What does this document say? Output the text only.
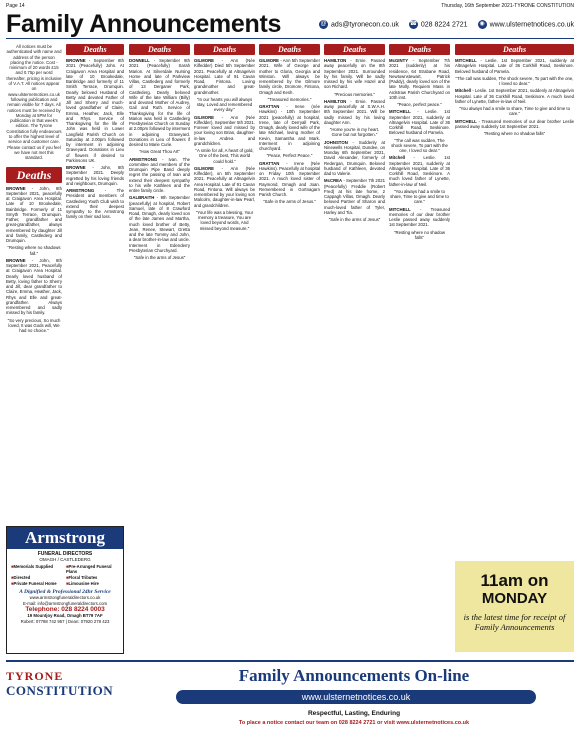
Page 14	Thursday, 16th September 2021-TYRONE CONSTITUTION
Family Announcements	@ ads@tyronecon.co.uk ☎ 028 8224 2721	◉ www.ulsternetnotices.co.uk
All notices must be authenticated with name and address of the person placing the notice. Cost - minimum of 20 words £15 and 0.75p per word thereafter, pricing is inclusive of V.A.T. All notices appear on www.ulsternetnotices.co.uk following publication and remain visible for 7 days. All notices must be received by Monday at 5PM for publication in that week's edition. The Tyrone Constitution fully endeavours to offer the highest level of service and customer care. Please contact us if you feel we have not met this standard.
Deaths

BROWNE - John, 8th September 2021, peacefully at Craigavon Area Hospital. Late of 10 Brookedale, Bainbridge. Formerly of 11 Smyth Terrace, Drumquin. Father, grandfather and great-grandfather, always remembered by daughter Jill and family, Castlederg and Drumquin.

"Resting where no shadows fall."

BROWNE - John, 8th September 2021, Peacefully at Craigavon Area Hospital. Dearly loved husband of Betty, loving father to Sherry and Jill, dear grandfather to Claire, Emma, Heather, Jack, Rhys and Elle and great-grandfather. Always remembered and sadly missed by his family.

"So very precious, So much loved, It was Gods will, We had no choice."

Deaths

BROWNE - September 8th 2021 (Peacefully) John. At Craigavon Area Hospital and late of 10 Brookedale, Banbridge and formerly of 11 Smith Terrace, Drumquin. Dearly beloved Husband of Betty and devoted Father of Jill and Sherry and much-loved grandfather of Claire, Emma, Heather, Jack, Elle and Rhys. Service of Thanksgiving for the life of John was held in Lower Langfield Parish Church on Saturday at 2.00pm followed by interment in adjoining Graveyard. Donations in Lieu of flowers if desired to Parkinsons UK.

BROWNE - John, 8th September 2021. Deeply regretted by his loving friends and neighbours, Drumquin.

ARMSTRONG - The President and members of Castlederg Youth Club wish to extend their deepest sympathy to the Armstrong family on their sad loss.

Deaths

DONNELL - September 9th 2021 (Peacefully) Sarah Marion. At Silverdale Nursing Home and late of Parkview Villas, Castlederg and formerly of 13 Derganer Park, Castlederg. Dearly beloved Wife of the late William (Billy) and devoted Mother of Audrey, Gail and Ruth. Service of Thanksgiving for the life of Marion was held in Castlederg Presbyterian Church on Sunday at 2.00pm followed by interment in adjoining Graveyard. Donations in Lieu of flowers if desired to Marie Curie.

"How Great Thou Art"

ARMSTRONG - Ivan. The committee and members of the Drumquin Pipe Band deeply regret the passing of Ivan and extend their deepest sympathy to his wife Kathleen and the entire family circle.

GALBRAITH - 9th September (peacefully) at hospital, Robert Samuel, late of 8 Crawford Road, Omagh, dearly loved son of the late James and Martha, much loved brother of Betty, Jean, Renee, Stewart, Gretta and the late Tommy and John, a dear brother-in-law and uncle. Interment in Edenderry Presbyterian Churchyard.

"Safe in the arms of Jesus"

Deaths

GILMORE - Ann (Née Kilfedder) Died 5th September 2021. Peacefully at Altnagelvin Hospital. Late of 91 Cavan Road, Fintona. Loving grandmother and great-grandmother.

"In our hearts you will always stay, Loved and remembered every day."

GILMORE - Ann (Née Kilfedder), September 5th 2021. Forever loved and missed by your loving son Brian, daughter-in-law Andrea and grandchildren.

"A smile for all, A heart of gold, One of the best, This world could hold."

GILMORE - Ann (Née Kilfedder), on 5th September 2021. Peacefully at Altnagelvin Area Hospital. Late of 91 Cavan Road, Fintona. Will always be remembered by your loving son Malcolm, daughter-in-law Pearl, and grandchildren.

"Your life was a blessing, Your memory a treasure, You are loved beyond words, And missed beyond measure."

Deaths

GILMORE - Ann 5th September 2021. Wife of George and mother to Gloria, Georgia and Winston. Will always be remembered by the Gilmore family circle, Dromore, Fintona, Omagh and Kesh.

"Treasured memories."

GRATTAN - Irene (née Hawkins) - 10th September 2021 (peacefully) at hospital, Irene, late of Derryall Park, Omagh, dearly loved wife of the late Michael, loving mother of Kevin, Samantha and Mark. Interment in adjoining churchyard.

"Peace, Perfect Peace."

GRATTAN - Irene (Née Hawkins). Peacefully at hospital on Friday 10th September 2021. A much loved sister of Raymond, Omagh and Joan. Remembered in Gortnagarn Parish Church.

"Safe in the arms of Jesus."

Deaths

HAMILTON - Ernie. Passed away peacefully on the 8th September 2021. Surrounded by his family. Will be sadly missed by his wife Hazel and son Richard.

"Precious memories."

HAMILTON - Ernie. Passed away peacefully at S.W.A.H. 8th September 2021. Will be sadly missed by his loving daughter Ann.

"Home you're in my heart, Gone but not forgotten."

JOHNSTON - Suddenly at Ninewells Hospital, Dundee, on Monday 6th September 2021, David Alexander, formerly of Redergan, Drumquin. Beloved husband of Kathleen, devoted dad to Valerie.

McCREA - September 7th 2021 (Peacefully) Freddie (Robert Fred) at his late home, 2 Cappagh Villas, Omagh. Dearly beloved Partner of Sharon and much-loved father of Tyler, Harley and Tia.

"Safe in the arms of Jesus"

Deaths

McGINTY - September 7th 2021 (suddenly) at his residence, 64 Strabane Road, Newtownstewart, Patrick (Paddy), dearly loved son of the late Molly. Requiem Mass in Ardstraw Parish Churchyard on 10th inst.

"Peace, perfect peace."

MITCHELL - Leslie. 1st September 2021, suddenly at Altnagelvin Hospital. Late of 36 Corkhill Road, Seskinore. Beloved husband of Pamela.

"The call was sudden, The shock severe, To part with the one, I loved so dear."

Mitchell - Leslie. 1st September 2021, suddenly at Altnagelvin Hospital. Late of 36 Corkhill Road, Seskinore. A much loved father of Lynette, father-in-law of Neil.

"You always had a smile to share, Time to give and time to care."

MITCHELL - Treasured memories of our dear brother Leslie passed away suddenly 1st September 2021.

"Resting where no shadow falls"

Deaths

MITCHELL - Leslie. 1st September 2021, suddenly at Altnagelvin Hospital. Late of 36 Corkhill Road, Seskinore. Beloved husband of Pamela.

"The call was sudden, The shock severe, To part with the one, I loved so dear."

Mitchell - Leslie. 1st September 2021, suddenly at Altnagelvin Hospital. Late of 36 Corkhill Road, Seskinore. A much loved father of Lynette, father-in-law of Neil.

"You always had a smile to share, Time to give and time to care."

MITCHELL - Treasured memories of our dear brother Leslie passed away suddenly 1st September 2021.

"Resting where no shadow falls"

Armstrong
FUNERAL DIRECTORS
OMAGH / CASTLEDERG
■ Memorials Supplied	■ Pre-Arranged Funeral Plans
■ Directed	■ Floral Tributes
■ Private Funeral Home	■ Limousine Hire
A Dignified & Professional 24hr Service
www.armstrongfuneraldirectors.co.uk
E-mail: info@armstrongfuneraldirectors.com
Telephone: 028 8224 0003
19 Mountjoy Road, Omagh BT79 7AF
Robert: 07788 742 957 | Dean: 07920 278 423
11am on
MONDAY
is the latest time for receipt of Family Announcements
TYRONE
CONSTITUTION
Family Announcements On-line
www.ulsternetnotices.co.uk
Respectful, Lasting, Enduring
To place a notice contact our team on 028 8224 2721 or visit www.ulsternetnotices.co.uk
